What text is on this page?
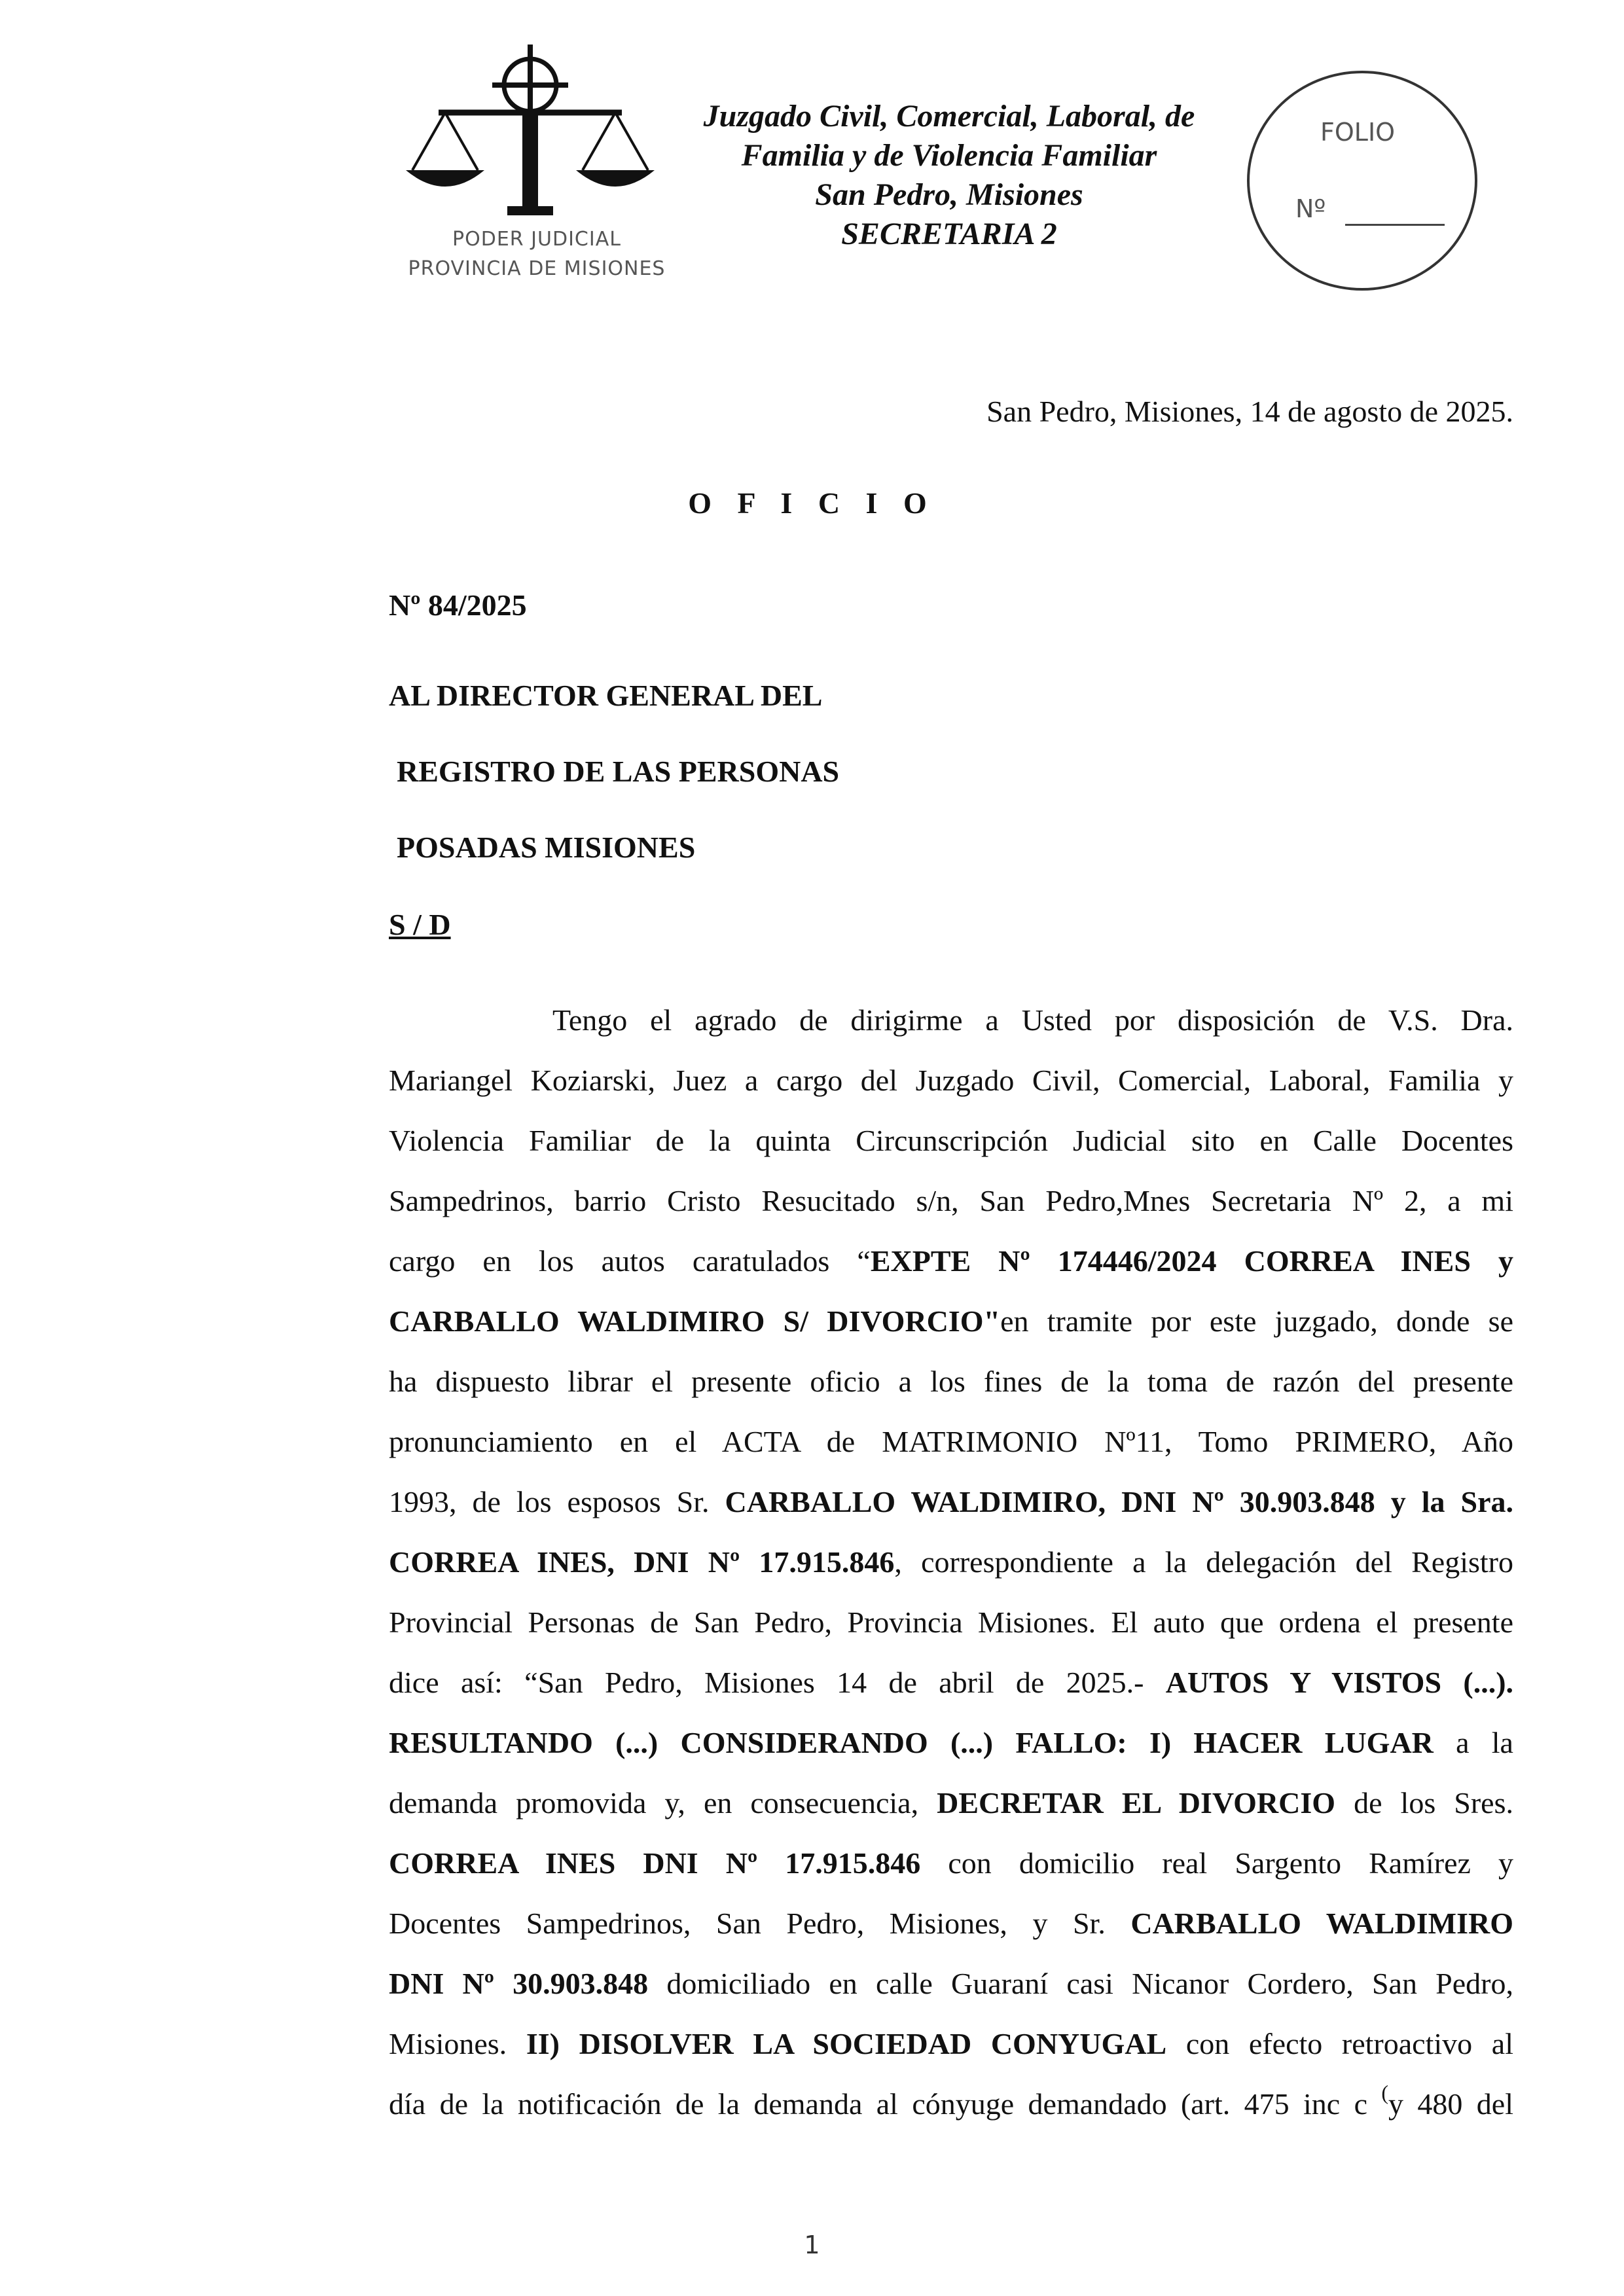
PODER JUDICIAL
PROVINCIA DE MISIONES
Juzgado Civil, Comercial, Laboral, de
Familia y de Violencia Familiar
San Pedro, Misiones
SECRETARIA 2
FOLIO
Nº
San Pedro, Misiones, 14 de agosto de 2025.
O F I C I O
Nº 84/2025
AL DIRECTOR GENERAL DEL
REGISTRO DE LAS PERSONAS
POSADAS MISIONES
S / D
Tengo el agrado de dirigirme a Usted por disposición de V.S. Dra.
Mariangel Koziarski, Juez a cargo del Juzgado Civil, Comercial, Laboral, Familia y
Violencia Familiar de la quinta Circunscripción Judicial sito en Calle Docentes
Sampedrinos, barrio Cristo Resucitado s/n, San Pedro,Mnes Secretaria Nº 2, a mi
cargo en los autos caratulados “EXPTE Nº 174446/2024 CORREA INES y
CARBALLO WALDIMIRO S/ DIVORCIO"en tramite por este juzgado, donde se
ha dispuesto librar el presente oficio a los fines de la toma de razón del presente
pronunciamiento en el ACTA de MATRIMONIO Nº11, Tomo PRIMERO, Año
1993, de los esposos Sr. CARBALLO WALDIMIRO, DNI Nº 30.903.848 y la Sra.
CORREA INES, DNI Nº 17.915.846, correspondiente a la delegación del Registro
Provincial Personas de San Pedro, Provincia Misiones. El auto que ordena el presente
dice así: “San Pedro, Misiones 14 de abril de 2025.- AUTOS Y VISTOS (...).
RESULTANDO (...) CONSIDERANDO (...) FALLO: I) HACER LUGAR a la
demanda promovida y, en consecuencia, DECRETAR EL DIVORCIO de los Sres.
CORREA INES DNI Nº 17.915.846 con domicilio real Sargento Ramírez y
Docentes Sampedrinos, San Pedro, Misiones, y Sr. CARBALLO WALDIMIRO
DNI Nº 30.903.848 domiciliado en calle Guaraní casi Nicanor Cordero, San Pedro,
Misiones. II) DISOLVER LA SOCIEDAD CONYUGAL con efecto retroactivo al
día de la notificación de la demanda al cónyuge demandado (art. 475 inc c (y 480 del
1
